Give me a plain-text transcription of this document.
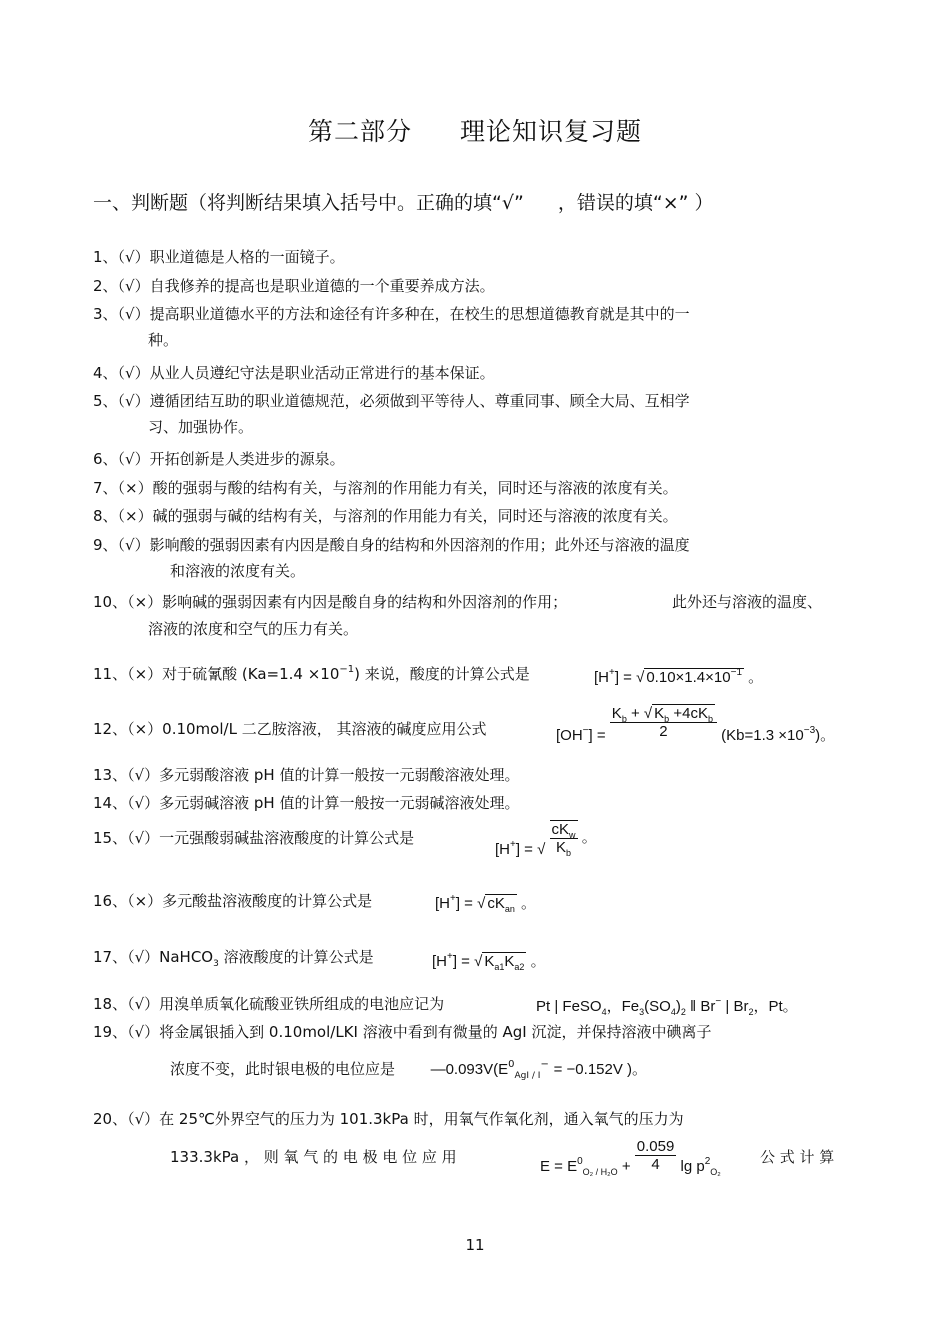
第二部分 理论知识复习题
一、判断题（将判断结果填入括号中。正确的填“√” ，错误的填“×” ）
1、（√）职业道德是人格的一面镜子。
2、（√）自我修养的提高也是职业道德的一个重要养成方法。
3、（√）提高职业道德水平的方法和途径有许多种在，在校生的思想道德教育就是其中的一
种。
4、（√）从业人员遵纪守法是职业活动正常进行的基本保证。
5、（√）遵循团结互助的职业道德规范，必须做到平等待人、尊重同事、顾全大局、互相学
习、加强协作。
6、（√）开拓创新是人类进步的源泉。
7、（×）酸的强弱与酸的结构有关，与溶剂的作用能力有关，同时还与溶液的浓度有关。
8、（×）碱的强弱与碱的结构有关，与溶剂的作用能力有关，同时还与溶液的浓度有关。
9、（√）影响酸的强弱因素有内因是酸自身的结构和外因溶剂的作用；此外还与溶液的温度
和溶液的浓度有关。
10、（×）影响碱的强弱因素有内因是酸自身的结构和外因溶剂的作用；	此外还与溶液的温度、
溶液的浓度和空气的压力有关。
11、（×）对于硫氰酸 $(Ka=1.4 \times 10^{-1})$ 来说，酸度的计算公式是	[H+] = √ $0.10\times 1.4\times 10^{-1}$ 。
12、（×）0.10mol/L 二乙胺溶液， 其溶液的碱度应用公式	$[OH^-] = \frac{K_b + √ K_b +4cK_b}{2} (Kb=1.3 \times 10^{-3})$。
13、（√）多元弱酸溶液 pH 值的计算一般按一元弱酸溶液处理。
14、（√）多元弱碱溶液 pH 值的计算一般按一元弱碱溶液处理。
15、（√）一元强酸弱碱盐溶液酸度的计算公式是
[H+] = √ $\frac{cK_w}{K_b}$ 。
16、（×）多元酸盐溶液酸度的计算公式是	[H+] = √ $cK_{an}$ 。
17、（√）NaHCO$_3$ 溶液酸度的计算公式是	[H+] = √ $K_{a1}K_{a2}$ 。
18、（√）用溴单质氧化硫酸亚铁所组成的电池应记为	Pt | FeSO$_4$，$Fe_3(SO_4)_2$ ‖ Br− | $Br_2$，Pt。
19、（√）将金属银插入到 0.10mol/LKI 溶液中看到有微量的 AgI 沉淀，并保持溶液中碘离子
浓度不变，此时银电极的电位应是 $—0.093V(E^0_{AgI / I}^- = -0.152V$ )。
20、（√）在 25℃外界空气的压力为 101.3kPa 时，用氧气作氧化剂，通入氧气的压力为
133.3kPa ， 则 氧 气 的 电 极 电 位 应 用
$E = E^0_{O_2 / H_2O} + \frac{0.059}{4}$ $\lg p^2_{O_2}$
公 式 计 算
11
